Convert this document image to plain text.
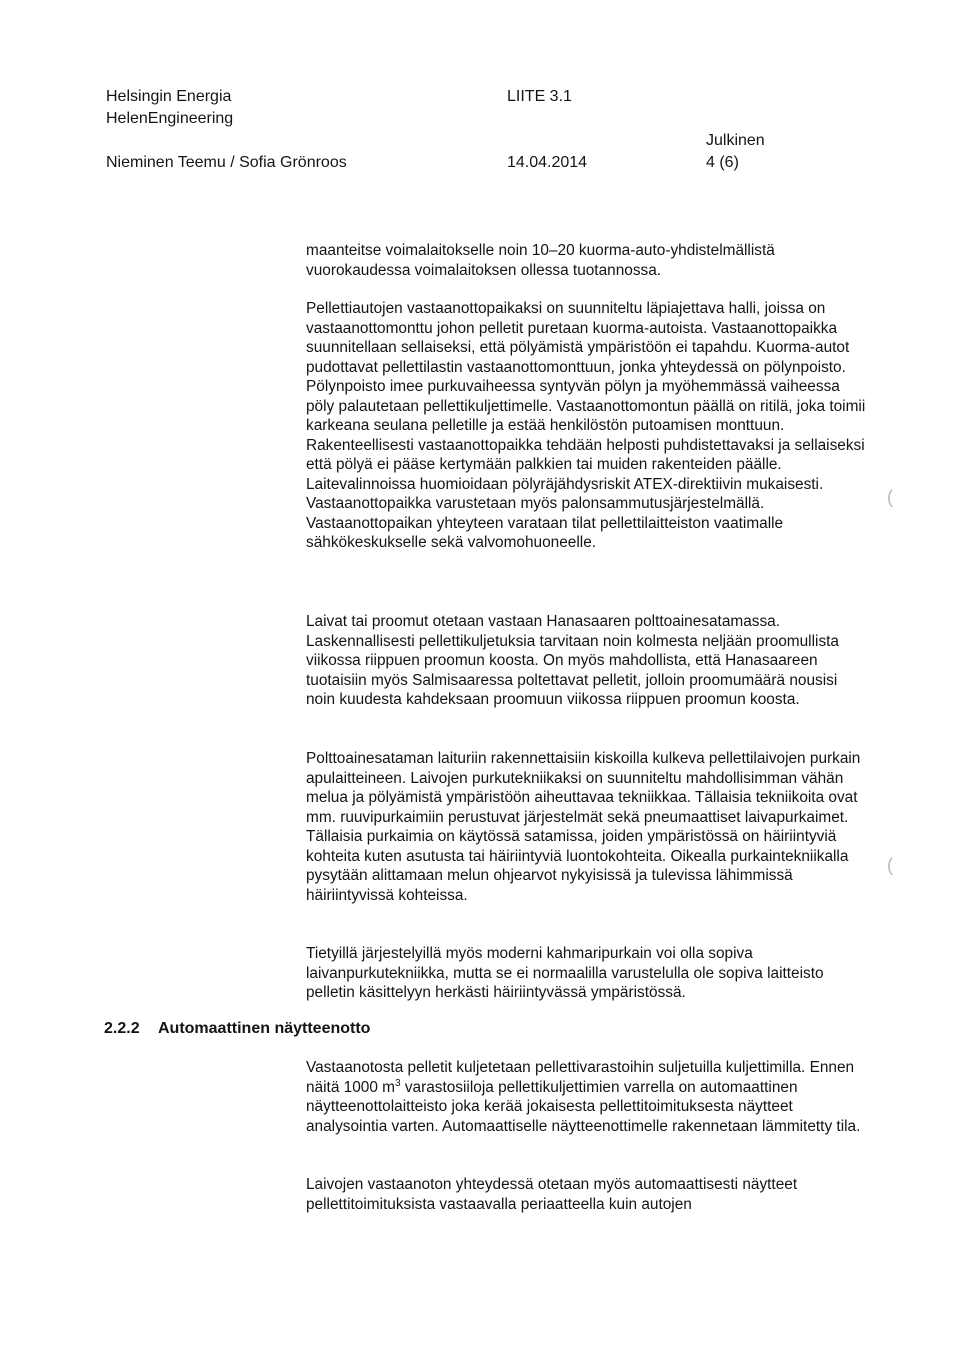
Helsingin Energia
HelenEngineering
LIITE 3.1
Julkinen
Nieminen Teemu / Sofia Grönroos	14.04.2014	4 (6)

maanteitse voimalaitokselle noin 10–20 kuorma-auto-yhdistelmällistä vuorokaudessa voimalaitoksen ollessa tuotannossa.

Pellettiautojen vastaanottopaikaksi on suunniteltu läpiajettava halli, joissa on vastaanottomonttu johon pelletit puretaan kuorma-autoista. Vastaanottopaikka suunnitellaan sellaiseksi, että pölyämistä ympäristöön ei tapahdu. Kuorma-autot pudottavat pellettilastin vastaanottomonttuun, jonka yhteydessä on pölynpoisto. Pölynpoisto imee purkuvaiheessa syntyvän pölyn ja myöhemmässä vaiheessa pöly palautetaan pellettikuljettimelle. Vastaanottomontun päällä on ritilä, joka toimii karkeana seulana pelletille ja estää henkilöstön putoamisen monttuun. Rakenteellisesti vastaanottopaikka tehdään helposti puhdistettavaksi ja sellaiseksi että pölyä ei pääse kertymään palkkien tai muiden rakenteiden päälle. Laitevalinnoissa huomioidaan pölyräjähdysriskit ATEX-direktiivin mukaisesti. Vastaanottopaikka varustetaan myös palonsammutusjärjestelmällä. Vastaanottopaikan yhteyteen varataan tilat pellettilaitteiston vaatimalle sähkökeskukselle sekä valvomohuoneelle.

Laivat tai proomut otetaan vastaan Hanasaaren polttoainesatamassa. Laskennallisesti pellettikuljetuksia tarvitaan noin kolmesta neljään proomullista viikossa riippuen proomun koosta. On myös mahdollista, että Hanasaareen tuotaisiin myös Salmisaaressa poltettavat pelletit, jolloin proomumäärä nousisi noin kuudesta kahdeksaan proomuun viikossa riippuen proomun koosta.

Polttoainesataman laituriin rakennettaisiin kiskoilla kulkeva pellettilaivojen purkain apulaitteineen. Laivojen purkutekniikaksi on suunniteltu mahdollisimman vähän melua ja pölyämistä ympäristöön aiheuttavaa tekniikkaa. Tällaisia tekniikoita ovat mm. ruuvipurkaimiin perustuvat järjestelmät sekä pneumaattiset laivapurkaimet. Tällaisia purkaimia on käytössä satamissa, joiden ympäristössä on häiriintyviä kohteita kuten asutusta tai häiriintyviä luontokohteita. Oikealla purkaintekniikalla pysytään alittamaan melun ohjearvot nykyisissä ja tulevissa lähimmissä häiriintyvissä kohteissa.

Tietyillä järjestelyillä myös moderni kahmaripurkain voi olla sopiva laivanpurkutekniikka, mutta se ei normaalilla varustelulla ole sopiva laitteisto pelletin käsittelyyn herkästi häiriintyvässä ympäristössä.

2.2.2 Automaattinen näytteenotto

Vastaanotosta pelletit kuljetetaan pellettivarastoihin suljetuilla kuljettimilla. Ennen näitä 1000 $m^3$ varastosiiloja pellettikuljettimien varrella on automaattinen näytteenottolaitteisto joka kerää jokaisesta pellettitoimituksesta näytteet analysointia varten. Automaattiselle näytteenottimelle rakennetaan lämmitetty tila.

Laivojen vastaanoton yhteydessä otetaan myös automaattisesti näytteet pellettitoimituksista vastaavalla periaatteella kuin autojen

(
(
